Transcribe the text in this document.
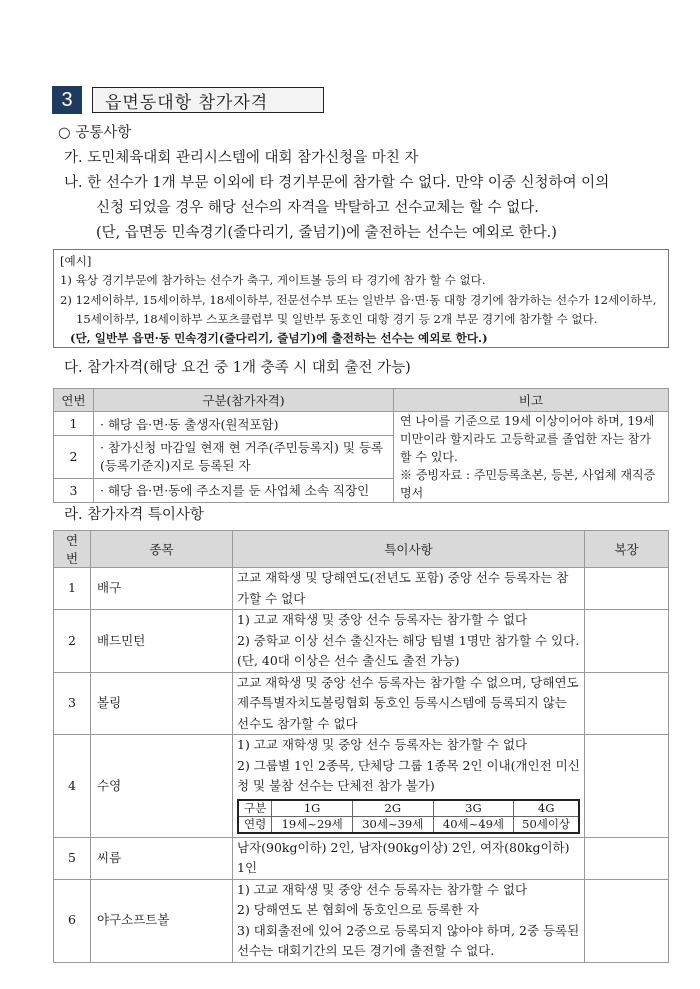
3	읍면동대항 참가자격
○ 공통사항
가. 도민체육대회 관리시스템에 대회 참가신청을 마친 자
나. 한 선수가 1개 부문 이외에 타 경기부문에 참가할 수 없다. 만약 이중 신청하여 이의
신청 되었을 경우 해당 선수의 자격을 박탈하고 선수교체는 할 수 없다.
(단, 읍면동 민속경기(줄다리기, 줄넘기)에 출전하는 선수는 예외로 한다.)
[예시]
1) 육상 경기부문에 참가하는 선수가 축구, 게이트볼 등의 타 경기에 참가 할 수 없다.
2) 12세이하부, 15세이하부, 18세이하부, 전문선수부 또는 일반부 읍·면·동 대항 경기에 참가하는 선수가 12세이하부,
15세이하부, 18세이하부 스포츠클럽부 및 일반부 동호인 대항 경기 등 2개 부문 경기에 참가할 수 없다.
(단, 일반부 읍면·동 민속경기(줄다리기, 줄넘기)에 출전하는 선수는 예외로 한다.)
다. 참가자격(해당 요건 중 1개 충족 시 대회 출전 가능)
연번	구분(참가자격)	비고
1	· 해당 읍·면·동 출생자(원적포함)	연 나이를 기준으로 19세 이상이어야 하며, 19세 미만이라 할지라도 고등학교를 졸업한 자는 참가할 수 있다.
※ 증빙자료 : 주민등록초본, 등본, 사업체 재직증명서
2	· 참가신청 마감일 현재 현 거주(주민등록지) 및 등록(등록기준지)지로 등록된 자	
3	· 해당 읍·면·동에 주소지를 둔 사업체 소속 직장인	
라. 참가자격 특이사항
연번	종목	특이사항	복장
1	배구	
고교 재학생 및 당해연도(전년도 포함) 중앙 선수 등록자는 참가할 수 없다

2	배드민턴	
1) 고교 재학생 및 중앙 선수 등록자는 참가할 수 없다
2) 중학교 이상 선수 출신자는 해당 팀별 1명만 참가할 수 있다.(단, 40대 이상은 선수 출신도 출전 가능)

3	볼링	
고교 재학생 및 중앙 선수 등록자는 참가할 수 없으며, 당해연도 제주특별자치도볼링협회 동호인 등록시스템에 등록되지 않는 선수도 참가할 수 없다

4	수영	
1) 고교 재학생 및 중앙 선수 등록자는 참가할 수 없다
2) 그룹별 1인 2종목, 단체당 그룹 1종목 2인 이내(개인전 미신청 및 불참 선수는 단체전 참가 불가)
구분	1G	2G	3G	4G
연령	19세~29세	30세~39세	40세~49세	50세이상

5	씨름	
남자(90kg이하) 2인, 남자(90kg이상) 2인, 여자(80kg이하) 1인

6	야구소프트볼	
1) 고교 재학생 및 중앙 선수 등록자는 참가할 수 없다
2) 당해연도 본 협회에 동호인으로 등록한 자
3) 대회출전에 있어 2중으로 등록되지 않아야 하며, 2중 등록된 선수는 대회기간의 모든 경기에 출전할 수 없다.
